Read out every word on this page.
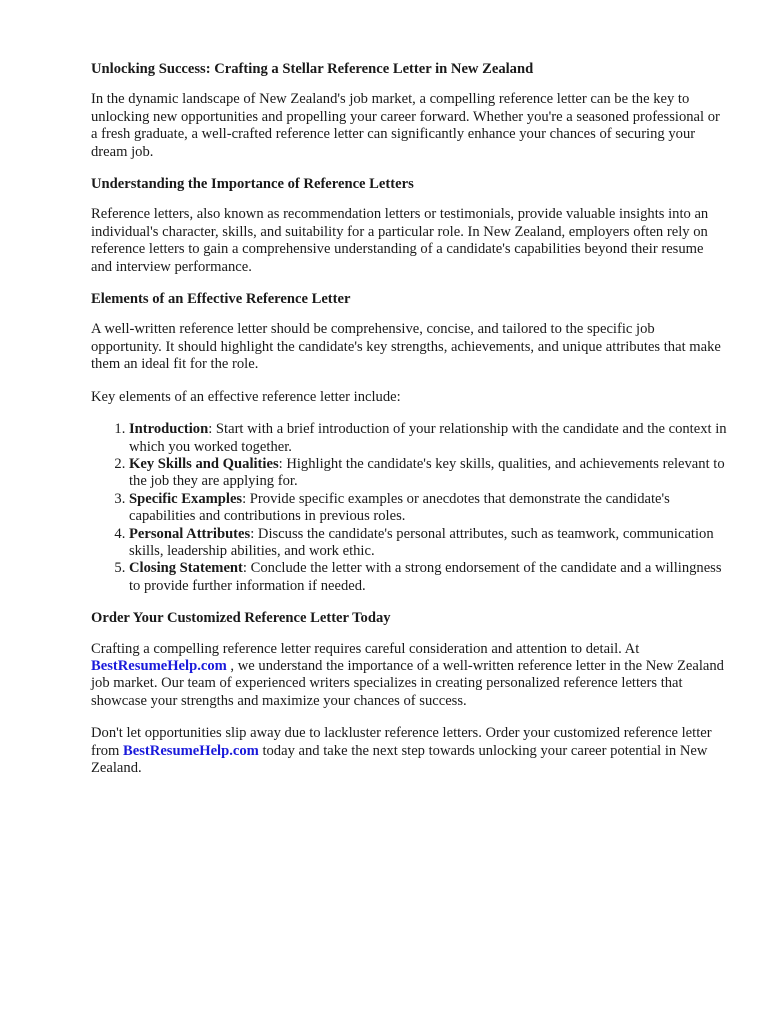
Unlocking Success: Crafting a Stellar Reference Letter in New Zealand

In the dynamic landscape of New Zealand's job market, a compelling reference letter can be the key to unlocking new opportunities and propelling your career forward. Whether you're a seasoned professional or a fresh graduate, a well-crafted reference letter can significantly enhance your chances of securing your dream job.

Understanding the Importance of Reference Letters

Reference letters, also known as recommendation letters or testimonials, provide valuable insights into an individual's character, skills, and suitability for a particular role. In New Zealand, employers often rely on reference letters to gain a comprehensive understanding of a candidate's capabilities beyond their resume and interview performance.

Elements of an Effective Reference Letter

A well-written reference letter should be comprehensive, concise, and tailored to the specific job opportunity. It should highlight the candidate's key strengths, achievements, and unique attributes that make them an ideal fit for the role.

Key elements of an effective reference letter include:

1. Introduction: Start with a brief introduction of your relationship with the candidate and the context in which you worked together.
2. Key Skills and Qualities: Highlight the candidate's key skills, qualities, and achievements relevant to the job they are applying for.
3. Specific Examples: Provide specific examples or anecdotes that demonstrate the candidate's capabilities and contributions in previous roles.
4. Personal Attributes: Discuss the candidate's personal attributes, such as teamwork, communication skills, leadership abilities, and work ethic.
5. Closing Statement: Conclude the letter with a strong endorsement of the candidate and a willingness to provide further information if needed.
Order Your Customized Reference Letter Today

Crafting a compelling reference letter requires careful consideration and attention to detail. At BestResumeHelp.com , we understand the importance of a well-written reference letter in the New Zealand job market. Our team of experienced writers specializes in creating personalized reference letters that showcase your strengths and maximize your chances of success.

Don't let opportunities slip away due to lackluster reference letters. Order your customized reference letter from BestResumeHelp.com today and take the next step towards unlocking your career potential in New Zealand.
